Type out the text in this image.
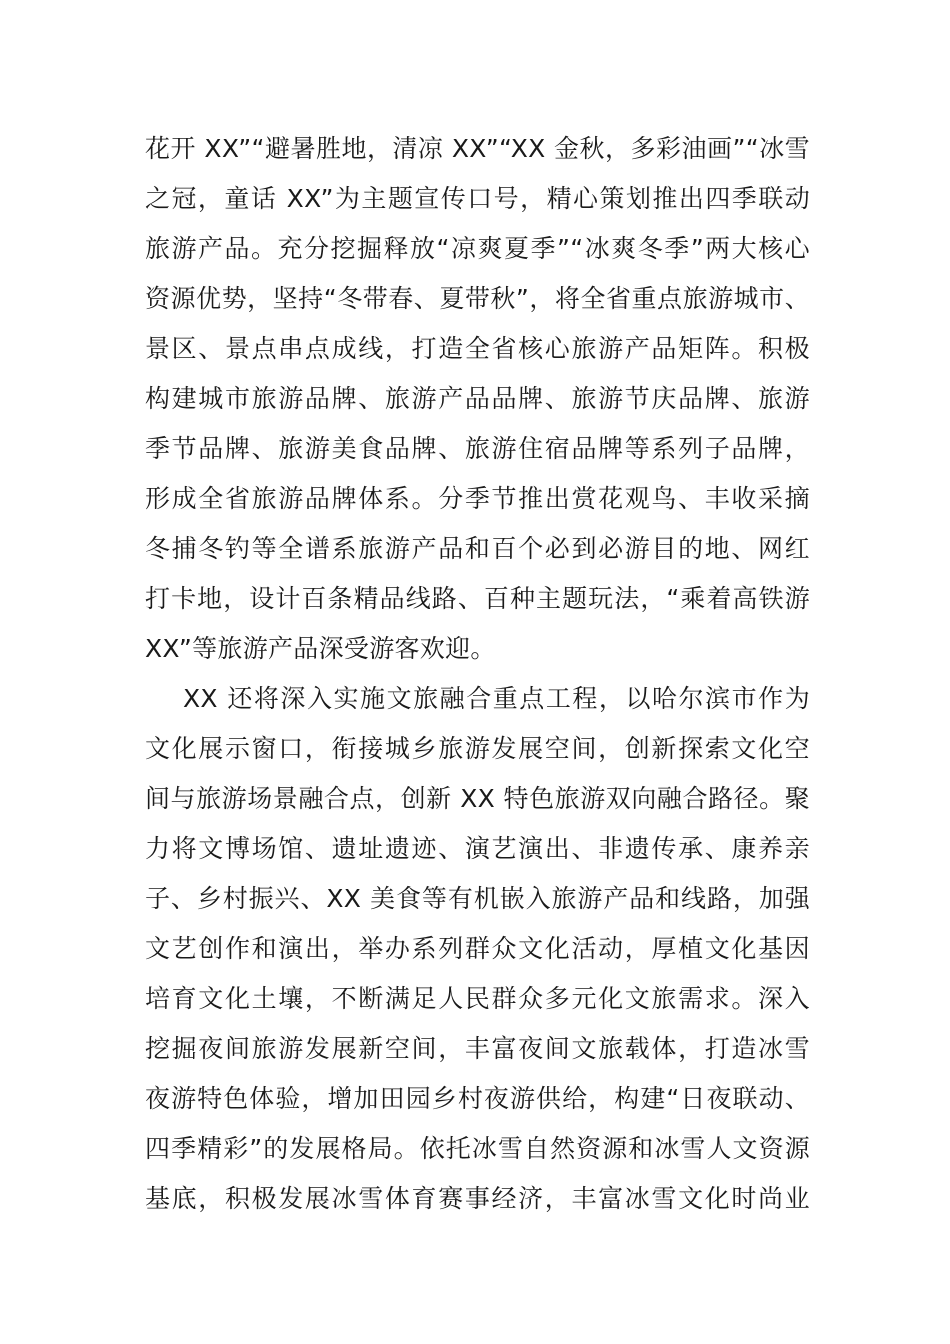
花开 XX”“避暑胜地，清凉 XX”“XX 金秋，多彩油画”“冰雪
之冠，童话 XX”为主题宣传口号，精心策划推出四季联动
旅游产品。充分挖掘释放“凉爽夏季”“冰爽冬季”两大核心
资源优势，坚持“冬带春、夏带秋”，将全省重点旅游城市、
景区、景点串点成线，打造全省核心旅游产品矩阵。积极
构建城市旅游品牌、旅游产品品牌、旅游节庆品牌、旅游
季节品牌、旅游美食品牌、旅游住宿品牌等系列子品牌，
形成全省旅游品牌体系。分季节推出赏花观鸟、丰收采摘
冬捕冬钓等全谱系旅游产品和百个必到必游目的地、网红
打卡地，设计百条精品线路、百种主题玩法，“乘着高铁游
XX”等旅游产品深受游客欢迎。
XX 还将深入实施文旅融合重点工程，以哈尔滨市作为
文化展示窗口，衔接城乡旅游发展空间，创新探索文化空
间与旅游场景融合点，创新 XX 特色旅游双向融合路径。聚
力将文博场馆、遗址遗迹、演艺演出、非遗传承、康养亲
子、乡村振兴、XX 美食等有机嵌入旅游产品和线路，加强
文艺创作和演出，举办系列群众文化活动，厚植文化基因
培育文化土壤，不断满足人民群众多元化文旅需求。深入
挖掘夜间旅游发展新空间，丰富夜间文旅载体，打造冰雪
夜游特色体验，增加田园乡村夜游供给，构建“日夜联动、
四季精彩”的发展格局。依托冰雪自然资源和冰雪人文资源
基底，积极发展冰雪体育赛事经济，丰富冰雪文化时尚业
